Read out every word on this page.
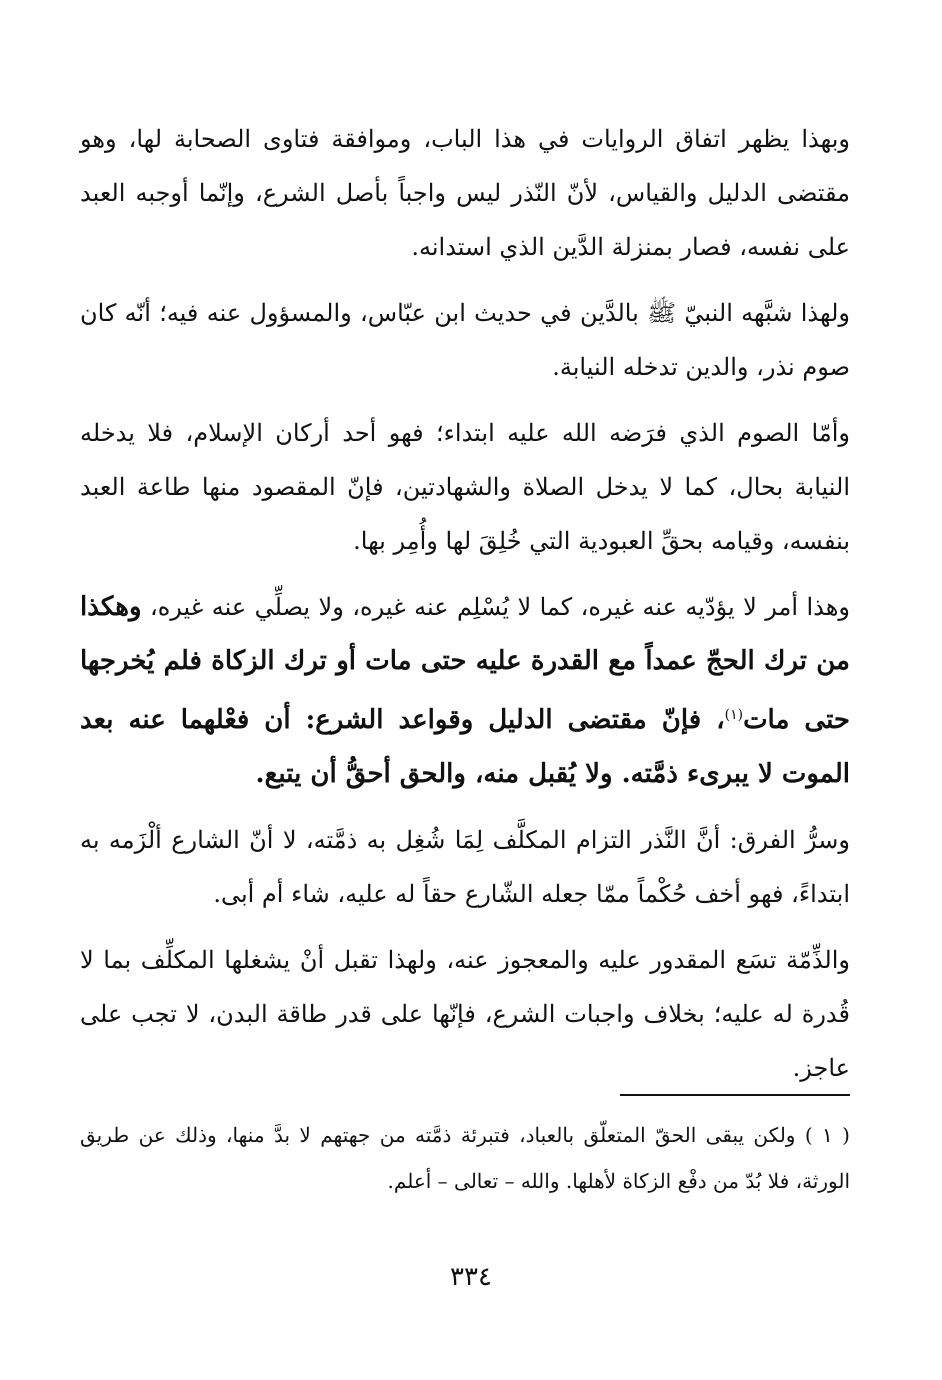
وبهذا يظهر اتفاق الروايات في هذا الباب، وموافقة فتاوى الصحابة لها، وهو مقتضى الدليل والقياس، لأنّ النّذر ليس واجباً بأصل الشرع، وإنّما أوجبه العبد على نفسه، فصار بمنزلة الدَّين الذي استدانه.

ولهذا شبَّهه النبيّ ﷺ بالدَّين في حديث ابن عبّاس، والمسؤول عنه فيه؛ أنّه كان صوم نذر، والدين تدخله النيابة.

وأمّا الصوم الذي فرَضه الله عليه ابتداء؛ فهو أحد أركان الإسلام، فلا يدخله النيابة بحال، كما لا يدخل الصلاة والشهادتين، فإنّ المقصود منها طاعة العبد بنفسه، وقيامه بحقِّ العبودية التي خُلِقَ لها وأُمِر بها.

وهذا أمر لا يؤدّيه عنه غيره، كما لا يُسْلِم عنه غيره، ولا يصلِّي عنه غيره، وهكذا من ترك الحجّ عمداً مع القدرة عليه حتى مات أو ترك الزكاة فلم يُخرجها حتى مات$^{(١)}$، فإنّ مقتضى الدليل وقواعد الشرع: أن فعْلهما عنه بعد الموت لا يبرىء ذمَّته. ولا يُقبل منه، والحق أحقُّ أن يتبع.

وسرُّ الفرق: أنَّ النَّذر التزام المكلَّف لِمَا شُغِل به ذمَّته، لا أنّ الشارع ألْزَمه به ابتداءً، فهو أخف حُكْماً ممّا جعله الشّارع حقاً له عليه، شاء أم أبى.

والذِّمّة تسَع المقدور عليه والمعجوز عنه، ولهذا تقبل أنْ يشغلها المكلِّف بما لا قُدرة له عليه؛ بخلاف واجبات الشرع، فإنّها على قدر طاقة البدن، لا تجب على عاجز.

( ١ ) ولكن يبقى الحقّ المتعلّق بالعباد، فتبرئة ذمَّته من جهتهم لا بدَّ منها، وذلك عن طريق الورثة، فلا بُدّ من دفْع الزكاة لأهلها. والله – تعالى – أعلم.

٣٣٤
